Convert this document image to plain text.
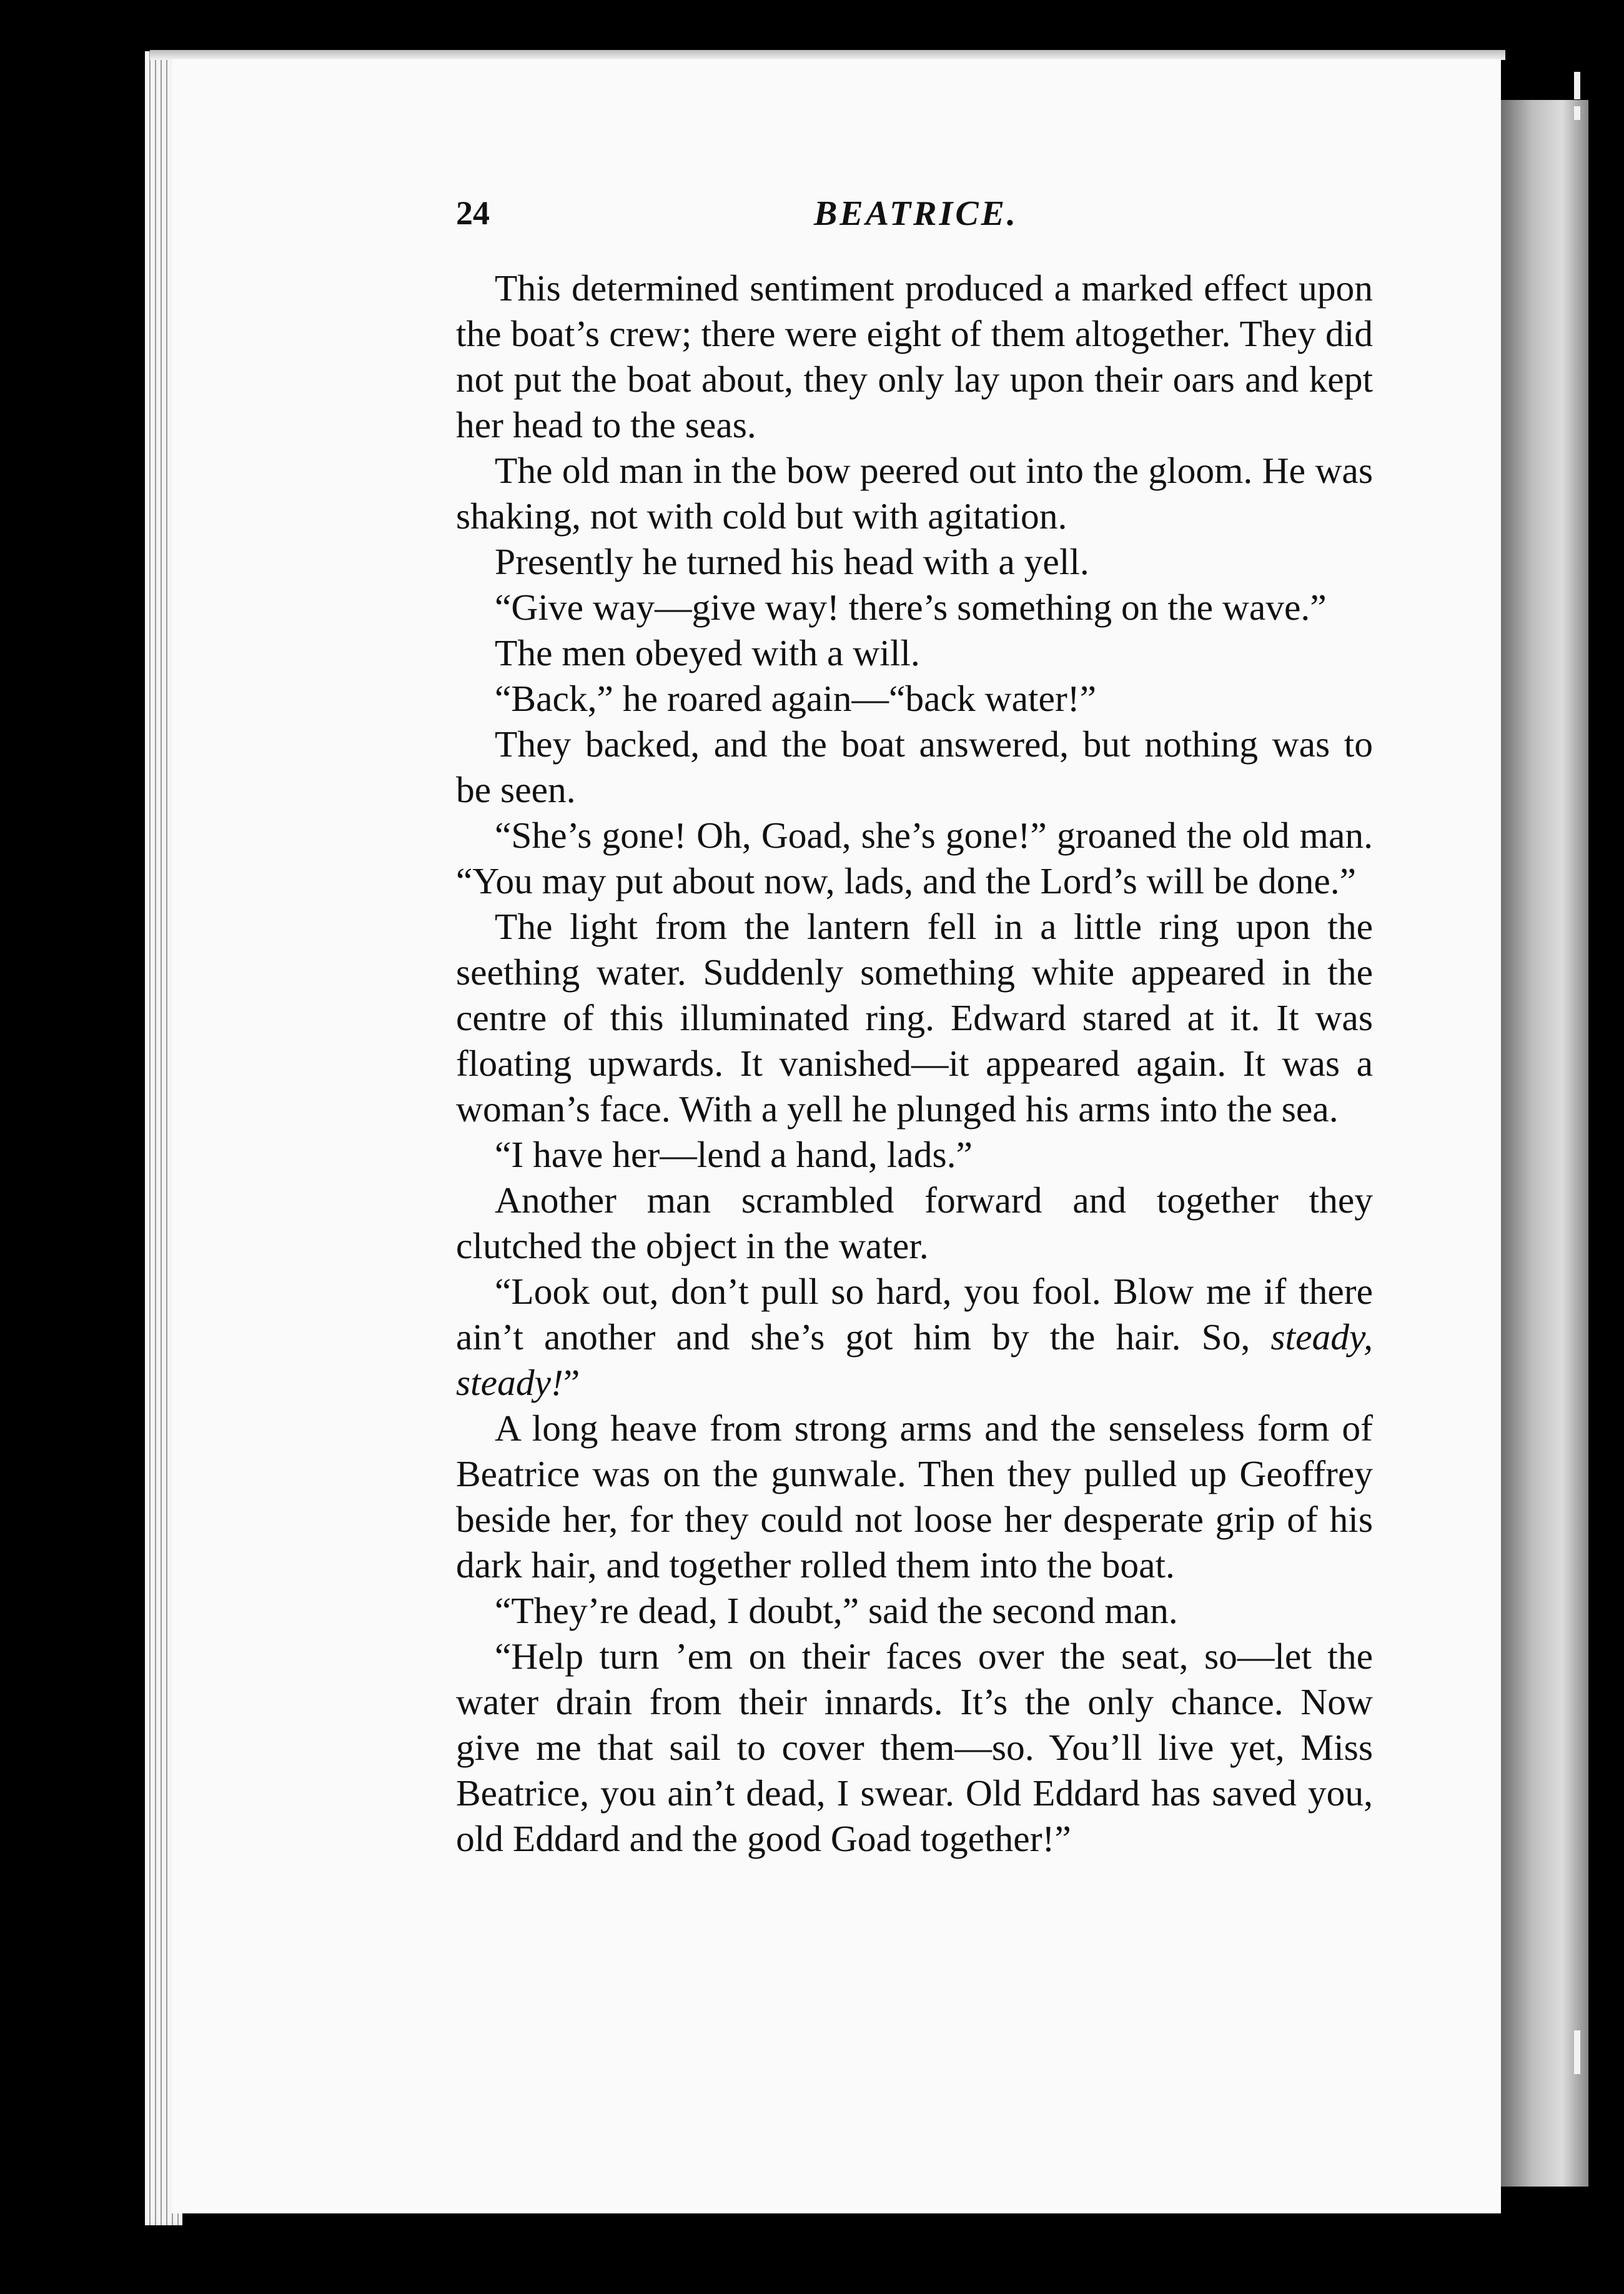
24	BEATRICE.

This determined sentiment produced a marked effect upon the boat’s crew; there were eight of them altogether. They did not put the boat about, they only lay upon their oars and kept her head to the seas.

The old man in the bow peered out into the gloom. He was shaking, not with cold but with agitation.

Presently he turned his head with a yell.

“Give way—give way! there’s something on the wave.”

The men obeyed with a will.

“Back,” he roared again—“back water!”

They backed, and the boat answered, but nothing was to be seen.

“She’s gone! Oh, Goad, she’s gone!” groaned the old man. “You may put about now, lads, and the Lord’s will be done.”

The light from the lantern fell in a little ring upon the seething water. Suddenly something white appeared in the centre of this illuminated ring. Edward stared at it. It was floating upwards. It vanished—it appeared again. It was a woman’s face. With a yell he plunged his arms into the sea.

“I have her—lend a hand, lads.”

Another man scrambled forward and together they clutched the object in the water.

“Look out, don’t pull so hard, you fool. Blow me if there ain’t another and she’s got him by the hair. So, steady, steady!”

A long heave from strong arms and the senseless form of Beatrice was on the gunwale. Then they pulled up Geoffrey beside her, for they could not loose her desperate grip of his dark hair, and together rolled them into the boat.

“They’re dead, I doubt,” said the second man.

“Help turn ’em on their faces over the seat, so—let the water drain from their innards. It’s the only chance. Now give me that sail to cover them—so. You’ll live yet, Miss Beatrice, you ain’t dead, I swear. Old Eddard has saved you, old Eddard and the good Goad together!”
